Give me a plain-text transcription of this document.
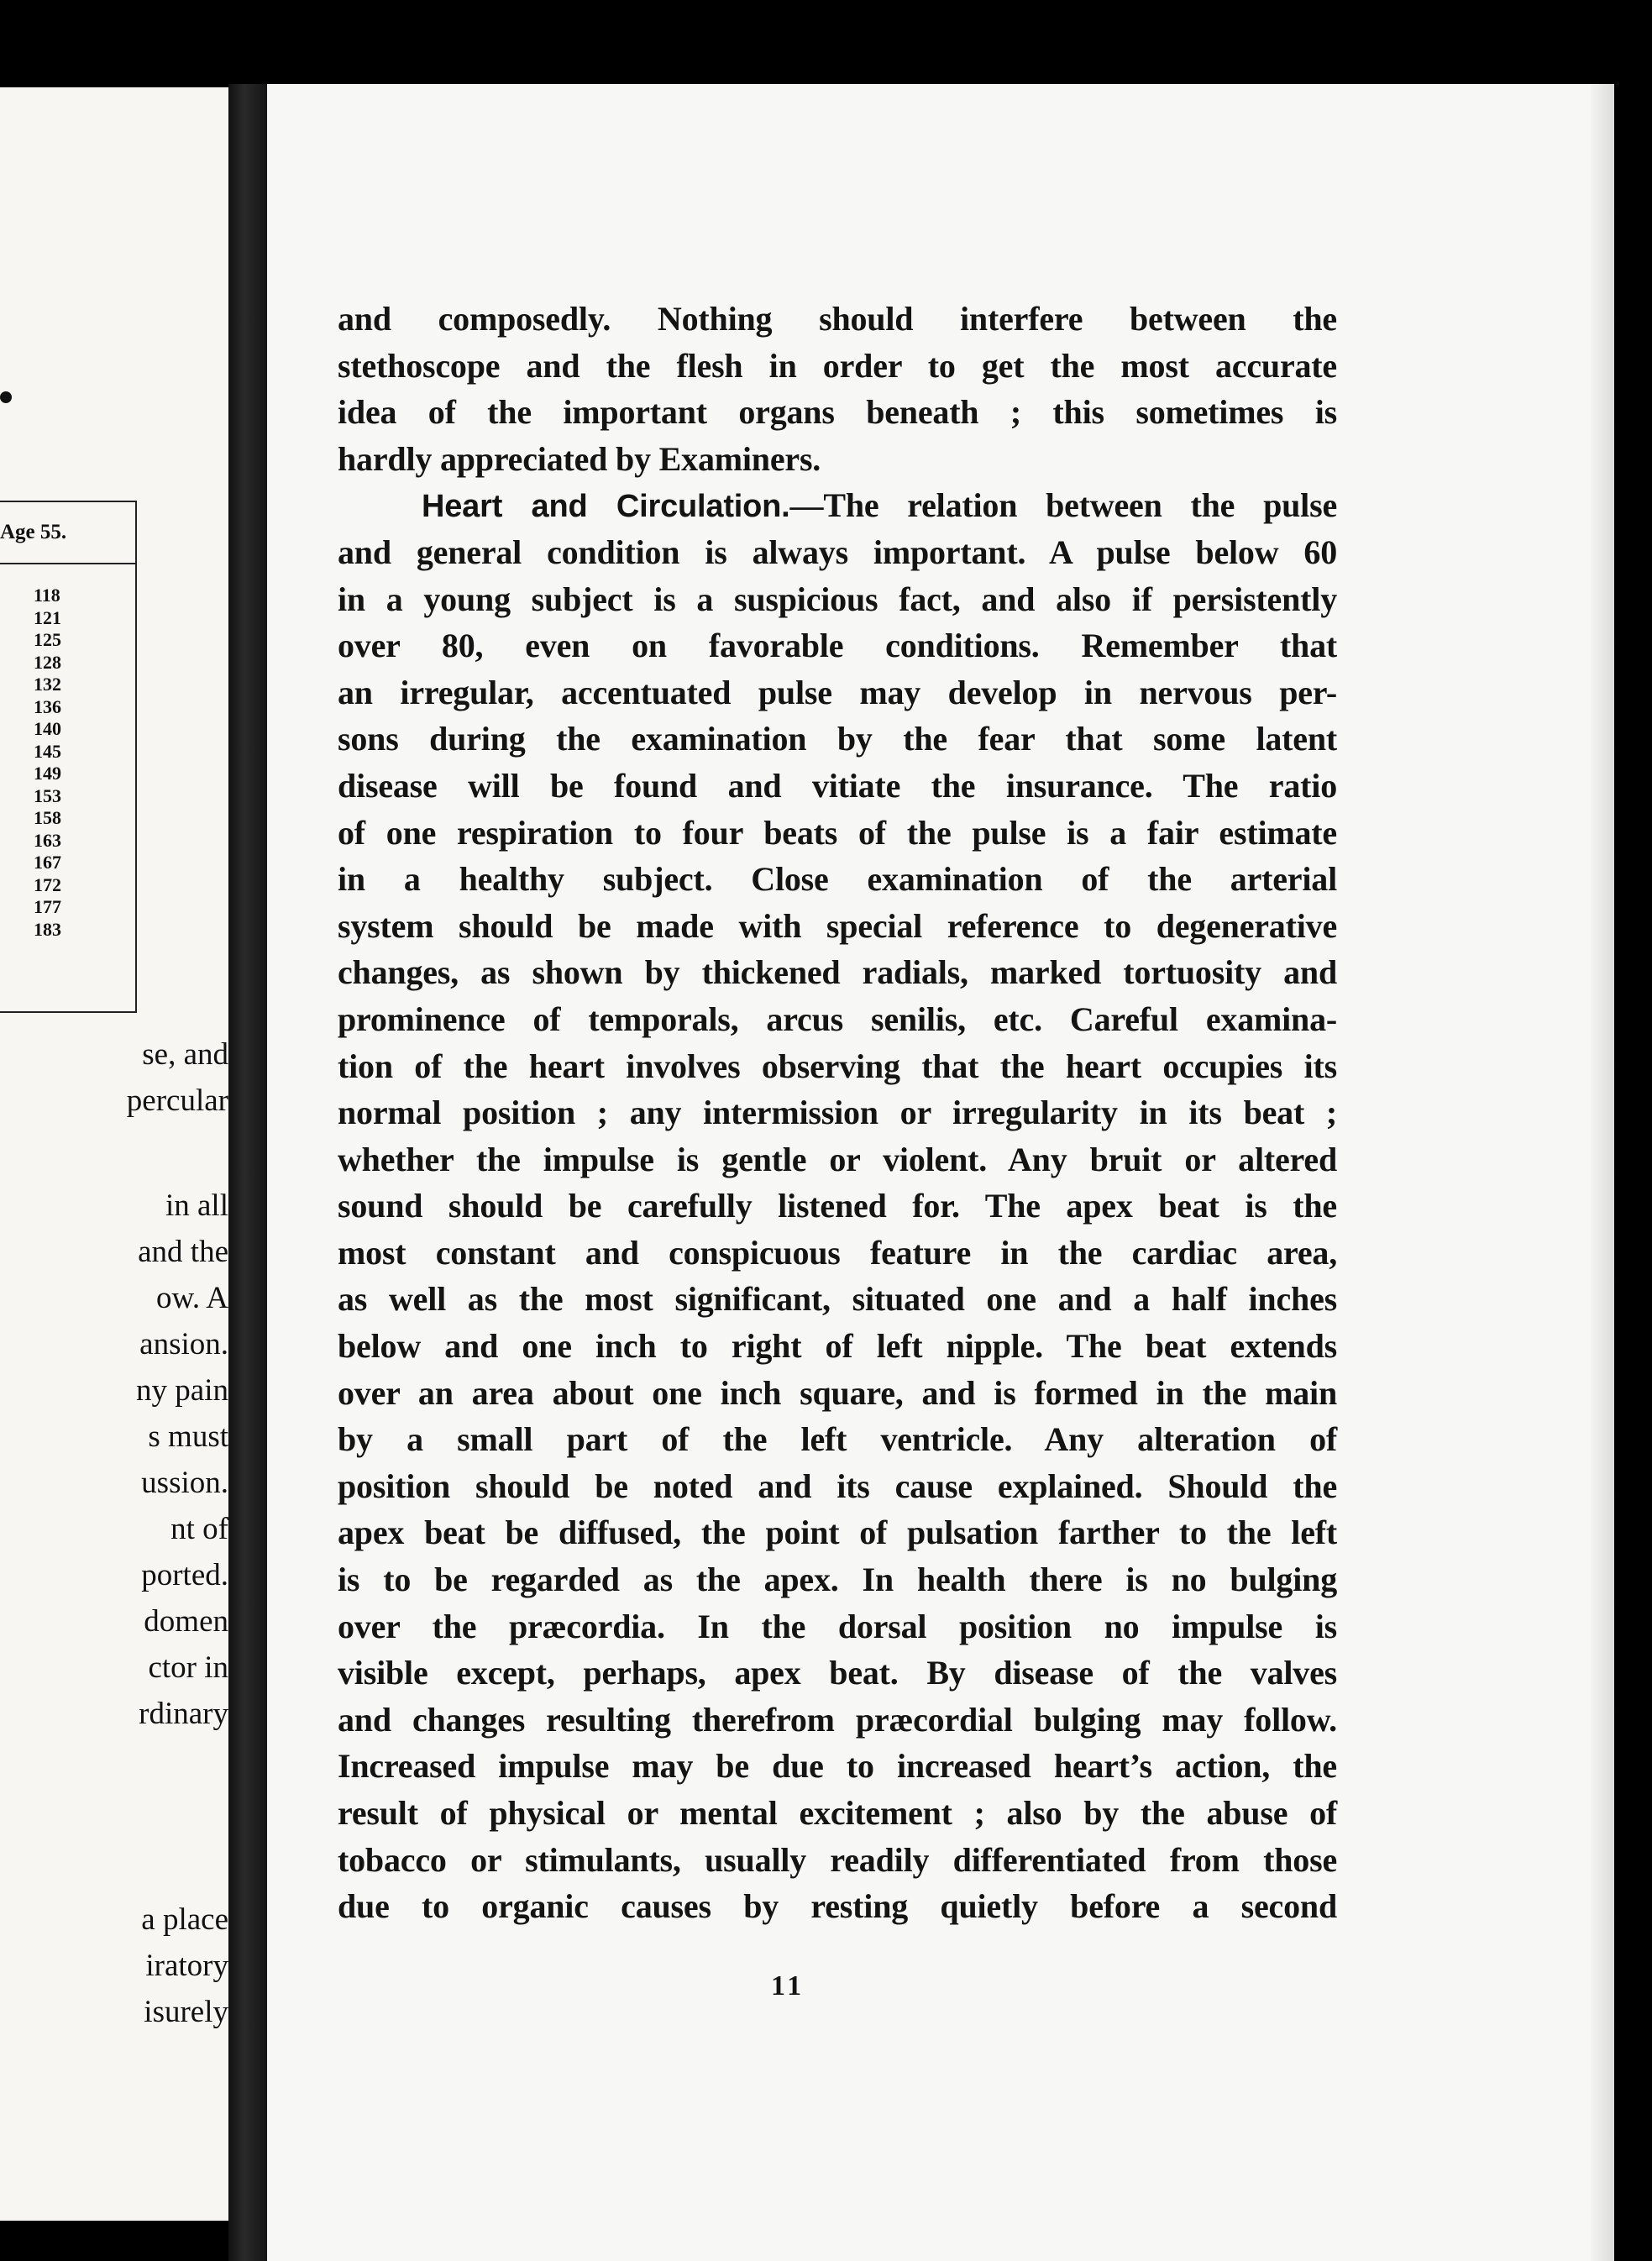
Age 55.
118
121
125
128
132
136
140
145
149
153
158
163
167
172
177
183
se, and
percular
in all
and the
ow. A
ansion.
ny pain
s must
ussion.
nt of
ported.
domen
ctor in
rdinary
a place
iratory
isurely
and composedly. Nothing should interfere between the
stethoscope and the flesh in order to get the most accurate
idea of the important organs beneath ; this sometimes is
hardly appreciated by Examiners.
Heart and Circulation.—The relation between the pulse
and general condition is always important. A pulse below 60
in a young subject is a suspicious fact, and also if persistently
over 80, even on favorable conditions. Remember that
an irregular, accentuated pulse may develop in nervous per-
sons during the examination by the fear that some latent
disease will be found and vitiate the insurance. The ratio
of one respiration to four beats of the pulse is a fair estimate
in a healthy subject. Close examination of the arterial
system should be made with special reference to degenerative
changes, as shown by thickened radials, marked tortuosity and
prominence of temporals, arcus senilis, etc. Careful examina-
tion of the heart involves observing that the heart occupies its
normal position ; any intermission or irregularity in its beat ;
whether the impulse is gentle or violent. Any bruit or altered
sound should be carefully listened for. The apex beat is the
most constant and conspicuous feature in the cardiac area,
as well as the most significant, situated one and a half inches
below and one inch to right of left nipple. The beat extends
over an area about one inch square, and is formed in the main
by a small part of the left ventricle. Any alteration of
position should be noted and its cause explained. Should the
apex beat be diffused, the point of pulsation farther to the left
is to be regarded as the apex. In health there is no bulging
over the præcordia. In the dorsal position no impulse is
visible except, perhaps, apex beat. By disease of the valves
and changes resulting therefrom præcordial bulging may follow.
Increased impulse may be due to increased heart’s action, the
result of physical or mental excitement ; also by the abuse of
tobacco or stimulants, usually readily differentiated from those
due to organic causes by resting quietly before a second
11
